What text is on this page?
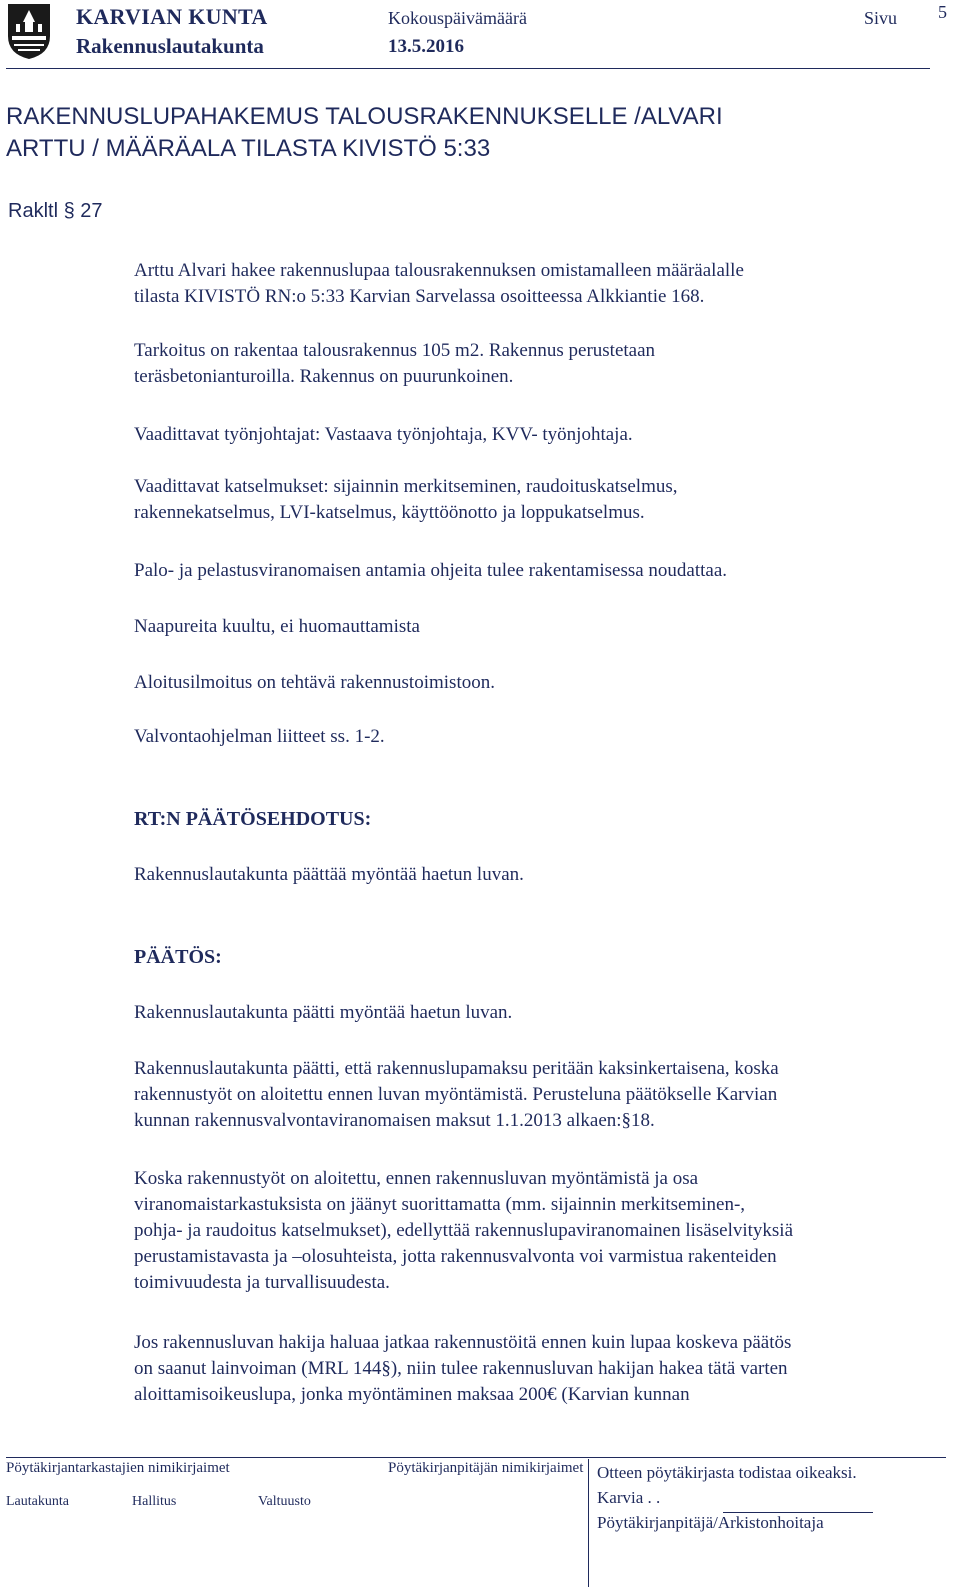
KARVIAN KUNTA
Rakennuslautakunta
Kokouspäivämäärä
13.5.2016
Sivu 5
RAKENNUSLUPAHAKEMUS TALOUSRAKENNUKSELLE /ALVARI
ARTTU / MÄÄRÄALA TILASTA KIVISTÖ 5:33
Rakltl § 27

Arttu Alvari hakee rakennuslupaa talousrakennuksen omistamalleen määräalalle

tilasta KIVISTÖ RN:o 5:33 Karvian Sarvelassa osoitteessa Alkkiantie 168.

Tarkoitus on rakentaa talousrakennus 105 m2. Rakennus perustetaan

teräsbetonianturoilla. Rakennus on puurunkoinen.

Vaadittavat työnjohtajat: Vastaava työnjohtaja, KVV- työnjohtaja.

Vaadittavat katselmukset: sijainnin merkitseminen, raudoituskatselmus,

rakennekatselmus, LVI-katselmus, käyttöönotto ja loppukatselmus.

Palo- ja pelastusviranomaisen antamia ohjeita tulee rakentamisessa noudattaa.

Naapureita kuultu, ei huomauttamista

Aloitusilmoitus on tehtävä rakennustoimistoon.

Valvontaohjelman liitteet ss. 1-2.

RT:N PÄÄTÖSEHDOTUS:

Rakennuslautakunta päättää myöntää haetun luvan.

PÄÄTÖS:

Rakennuslautakunta päätti myöntää haetun luvan.

Rakennuslautakunta päätti, että rakennuslupamaksu peritään kaksinkertaisena, koska

rakennustyöt on aloitettu ennen luvan myöntämistä. Perusteluna päätökselle Karvian

kunnan rakennusvalvontaviranomaisen maksut 1.1.2013 alkaen:§18.

Koska rakennustyöt on aloitettu, ennen rakennusluvan myöntämistä ja osa

viranomaistarkastuksista on jäänyt suorittamatta (mm. sijainnin merkitseminen-,

pohja- ja raudoitus katselmukset), edellyttää rakennuslupaviranomainen lisäselvityksiä

perustamistavasta ja –olosuhteista, jotta rakennusvalvonta voi varmistua rakenteiden

toimivuudesta ja turvallisuudesta.

Jos rakennusluvan hakija haluaa jatkaa rakennustöitä ennen kuin lupaa koskeva päätös

on saanut lainvoiman (MRL 144§), niin tulee rakennusluvan hakijan hakea tätä varten

aloittamisoikeuslupa, jonka myöntäminen maksaa 200€ (Karvian kunnan

Pöytäkirjantarkastajien nimikirjaimet	Pöytäkirjanpitäjän nimikirjaimet
Lautakunta	Hallitus	Valtuusto
Otteen pöytäkirjasta todistaa oikeaksi.
Karvia . .
Pöytäkirjanpitäjä/Arkistonhoitaja
